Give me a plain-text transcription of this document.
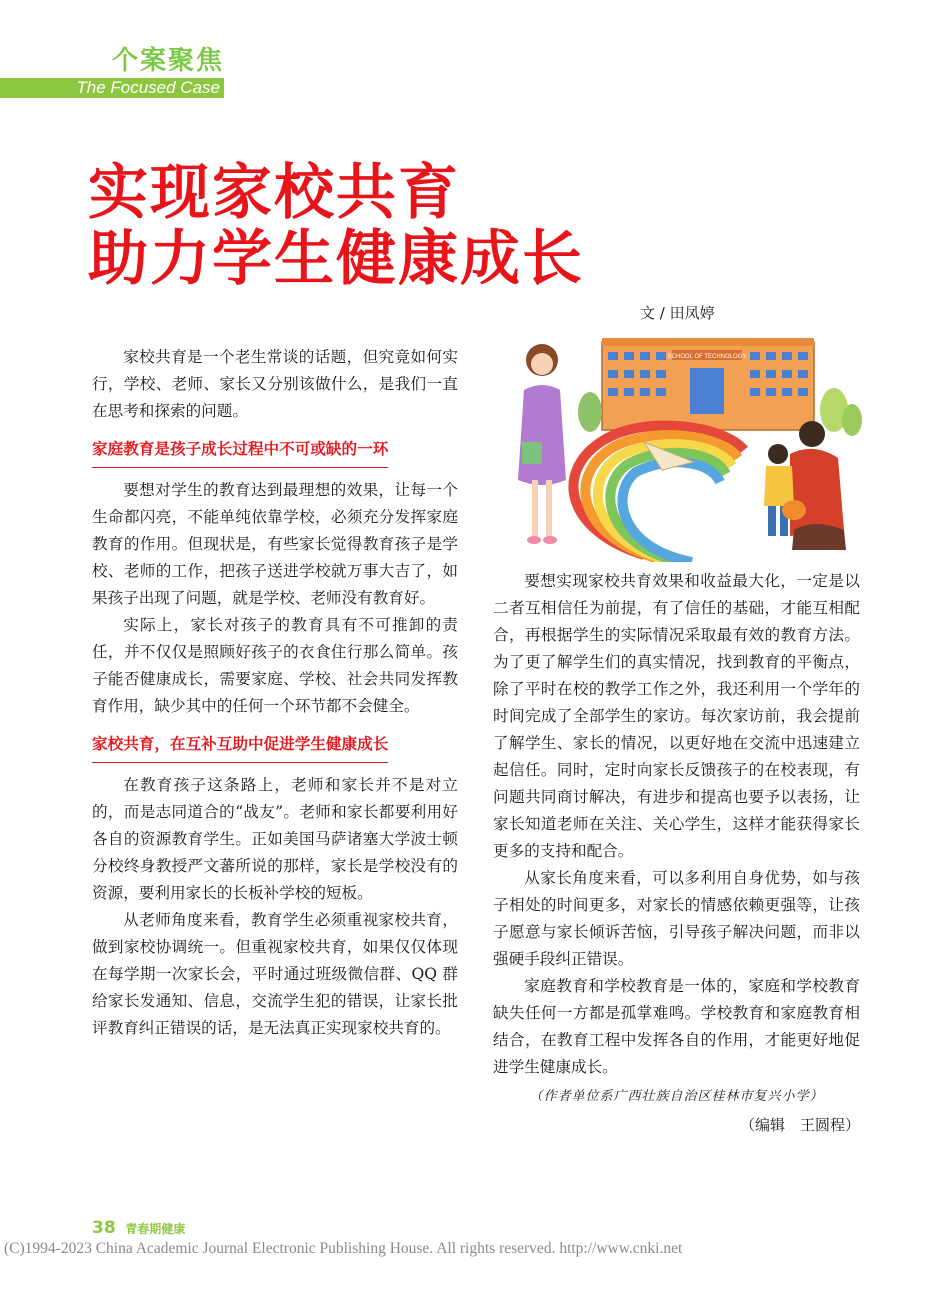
个案聚焦
The Focused Case
实现家校共育
助力学生健康成长
文 / 田凤婷
SCHOOL OF TECHNOLOGY

家校共育是一个老生常谈的话题，但究竟如何实行，学校、老师、家长又分别该做什么，是我们一直在思考和探索的问题。

家庭教育是孩子成长过程中不可或缺的一环

要想对学生的教育达到最理想的效果，让每一个生命都闪亮，不能单纯依靠学校，必须充分发挥家庭教育的作用。但现状是，有些家长觉得教育孩子是学校、老师的工作，把孩子送进学校就万事大吉了，如果孩子出现了问题，就是学校、老师没有教育好。

实际上，家长对孩子的教育具有不可推卸的责任，并不仅仅是照顾好孩子的衣食住行那么简单。孩子能否健康成长，需要家庭、学校、社会共同发挥教育作用，缺少其中的任何一个环节都不会健全。

家校共育，在互补互助中促进学生健康成长

在教育孩子这条路上，老师和家长并不是对立的，而是志同道合的“战友”。老师和家长都要利用好各自的资源教育学生。正如美国马萨诸塞大学波士顿分校终身教授严文蕃所说的那样，家长是学校没有的资源，要利用家长的长板补学校的短板。

从老师角度来看，教育学生必须重视家校共育，做到家校协调统一。但重视家校共育，如果仅仅体现在每学期一次家长会，平时通过班级微信群、QQ 群给家长发通知、信息，交流学生犯的错误，让家长批评教育纠正错误的话，是无法真正实现家校共育的。

要想实现家校共育效果和收益最大化，一定是以二者互相信任为前提，有了信任的基础，才能互相配合，再根据学生的实际情况采取最有效的教育方法。为了更了解学生们的真实情况，找到教育的平衡点，除了平时在校的教学工作之外，我还利用一个学年的时间完成了全部学生的家访。每次家访前，我会提前了解学生、家长的情况，以更好地在交流中迅速建立起信任。同时，定时向家长反馈孩子的在校表现，有问题共同商讨解决，有进步和提高也要予以表扬，让家长知道老师在关注、关心学生，这样才能获得家长更多的支持和配合。

从家长角度来看，可以多利用自身优势，如与孩子相处的时间更多，对家长的情感依赖更强等，让孩子愿意与家长倾诉苦恼，引导孩子解决问题，而非以强硬手段纠正错误。

家庭教育和学校教育是一体的，家庭和学校教育缺失任何一方都是孤掌难鸣。学校教育和家庭教育相结合，在教育工程中发挥各自的作用，才能更好地促进学生健康成长。

（作者单位系广西壮族自治区桂林市复兴小学）
（编辑　王圆程）
38 青春期健康
(C)1994-2023 China Academic Journal Electronic Publishing House. All rights reserved. http://www.cnki.net
